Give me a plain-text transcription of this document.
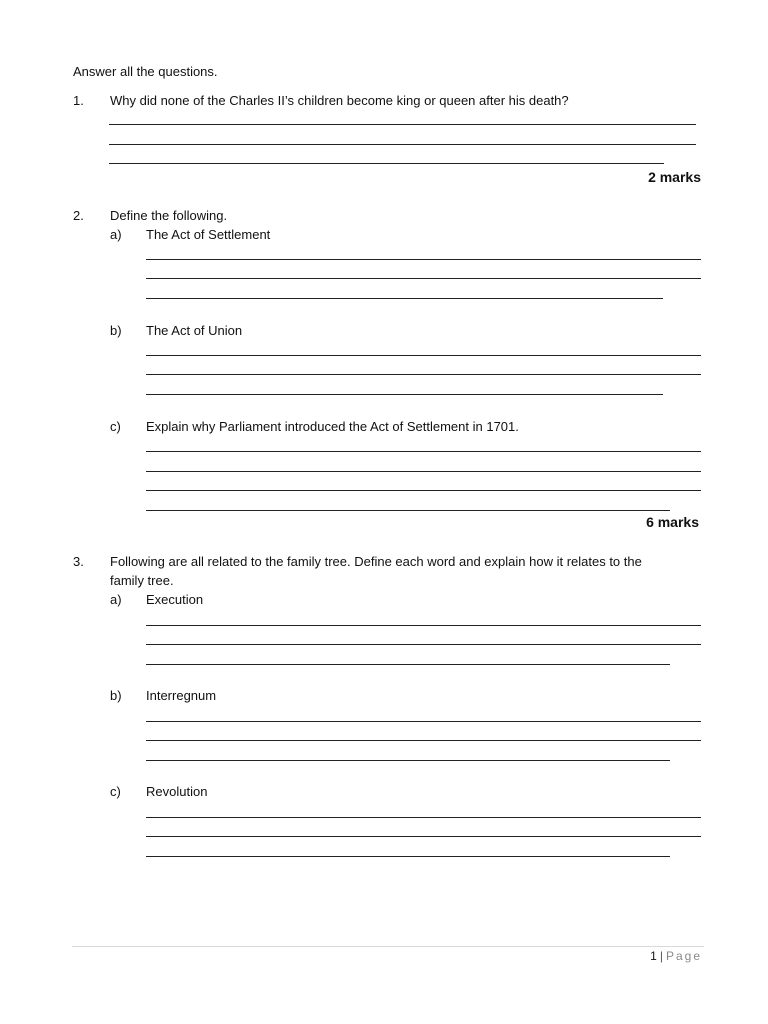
Answer all the questions.
1. Why did none of the Charles II’s children become king or queen after his death?
2 marks
2. Define the following.
a) The Act of Settlement
b) The Act of Union
c) Explain why Parliament introduced the Act of Settlement in 1701.
6 marks
3. Following are all related to the family tree. Define each word and explain how it relates to the
family tree.
a) Execution
b) Interregnum
c) Revolution
1 | Page
